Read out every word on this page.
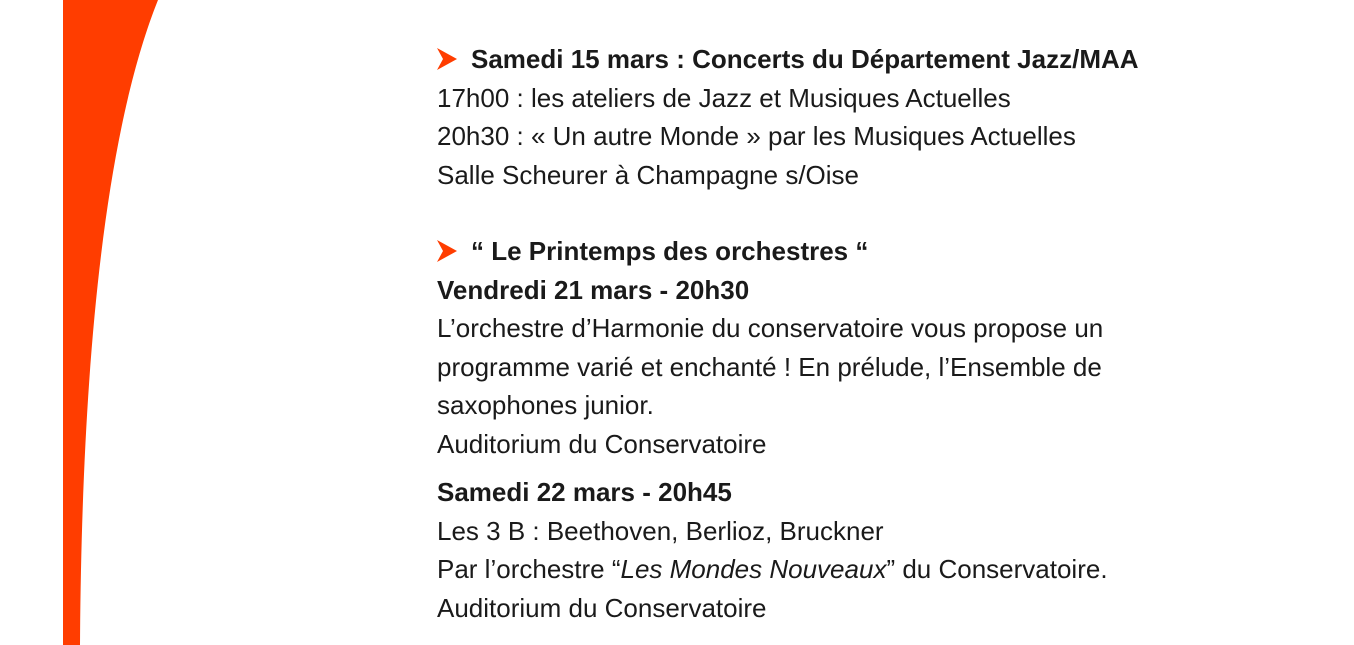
Samedi 15 mars : Concerts du Département Jazz/MAA
17h00 : les ateliers de Jazz et Musiques Actuelles
20h30 : « Un autre Monde » par les Musiques Actuelles
Salle Scheurer à Champagne s/Oise
“ Le Printemps des orchestres “
Vendredi 21 mars - 20h30
L’orchestre d’Harmonie du conservatoire vous propose un
programme varié et enchanté ! En prélude, l’Ensemble de
saxophones junior.
Auditorium du Conservatoire
Samedi 22 mars - 20h45
Les 3 B : Beethoven, Berlioz, Bruckner
Par l’orchestre “Les Mondes Nouveaux” du Conservatoire.
Auditorium du Conservatoire
